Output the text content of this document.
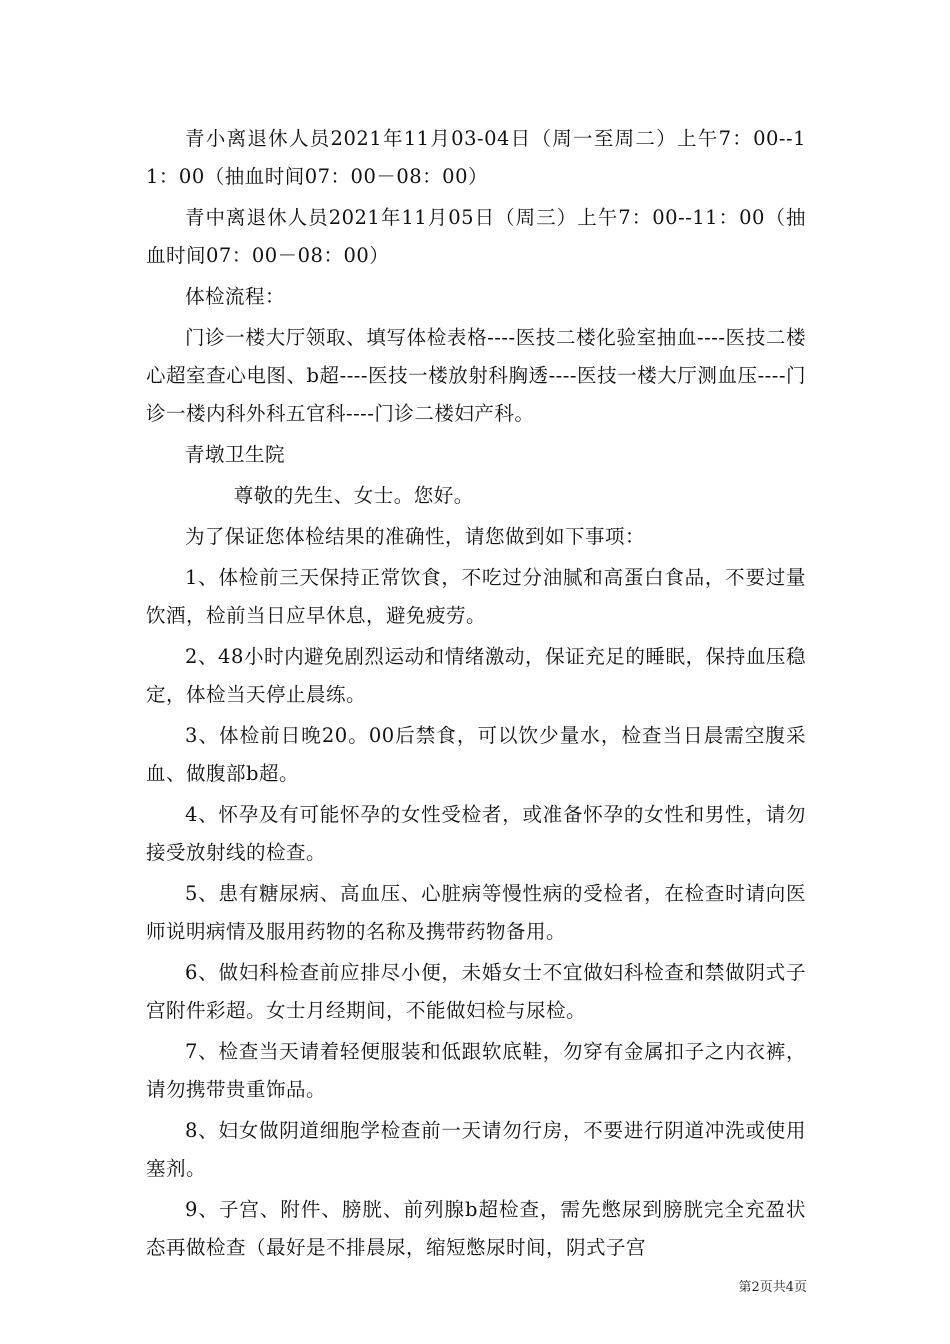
青小离退休人员2021年11月03-04日（周一至周二）上午7：00--11：00（抽血时间07：00－08：00）

青中离退休人员2021年11月05日（周三）上午7：00--11：00（抽血时间07：00－08：00）

体检流程：

门诊一楼大厅领取、填写体检表格----医技二楼化验室抽血----医技二楼心超室查心电图、b超----医技一楼放射科胸透----医技一楼大厅测血压----门诊一楼内科外科五官科----门诊二楼妇产科。

青墩卫生院

尊敬的先生、女士。您好。

为了保证您体检结果的准确性，请您做到如下事项：

1、体检前三天保持正常饮食，不吃过分油腻和高蛋白食品，不要过量饮酒，检前当日应早休息，避免疲劳。

2、48小时内避免剧烈运动和情绪激动，保证充足的睡眠，保持血压稳定，体检当天停止晨练。

3、体检前日晚20。00后禁食，可以饮少量水，检查当日晨需空腹采血、做腹部b超。

4、怀孕及有可能怀孕的女性受检者，或准备怀孕的女性和男性，请勿接受放射线的检查。

5、患有糖尿病、高血压、心脏病等慢性病的受检者，在检查时请向医师说明病情及服用药物的名称及携带药物备用。

6、做妇科检查前应排尽小便，未婚女士不宜做妇科检查和禁做阴式子宫附件彩超。女士月经期间，不能做妇检与尿检。

7、检查当天请着轻便服装和低跟软底鞋，勿穿有金属扣子之内衣裤，请勿携带贵重饰品。

8、妇女做阴道细胞学检查前一天请勿行房，不要进行阴道冲洗或使用塞剂。

9、子宫、附件、膀胱、前列腺b超检查，需先憋尿到膀胱完全充盈状态再做检查（最好是不排晨尿，缩短憋尿时间，阴式子宫

第2页共4页
